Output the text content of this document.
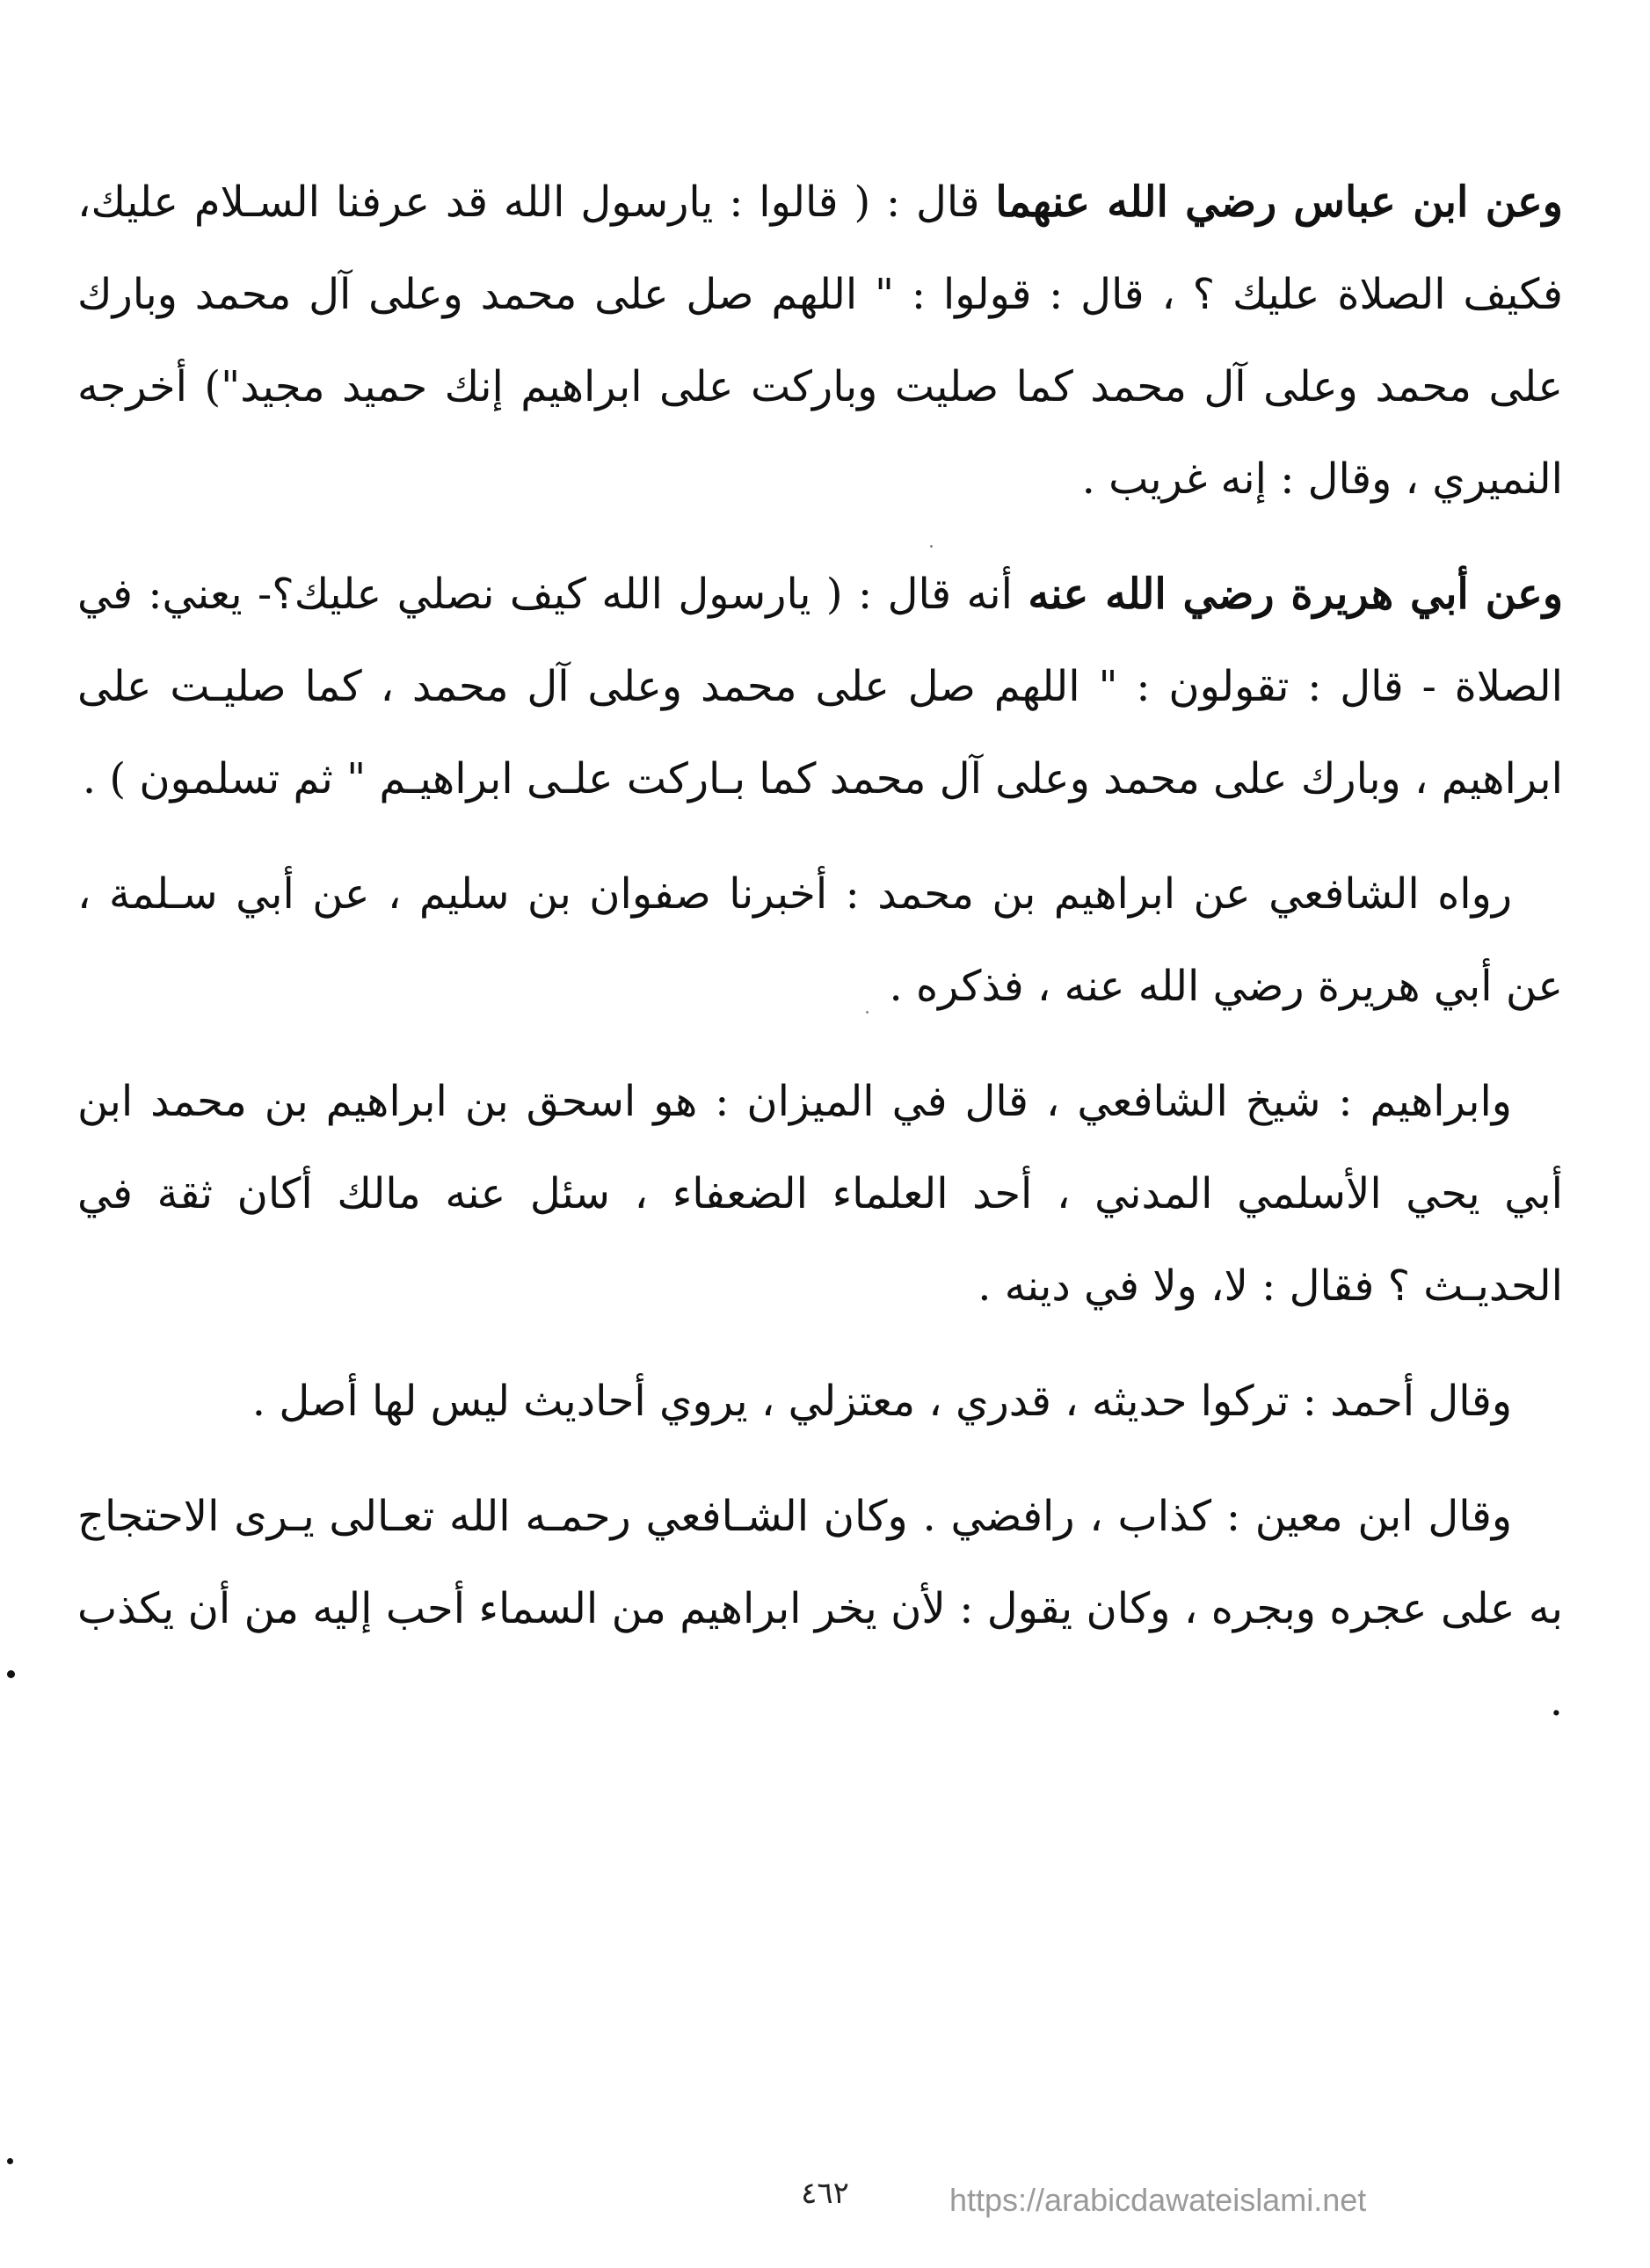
وعن ابن عباس رضي الله عنهما قال : ( قالوا : يارسول الله قد عرفنا السـلام عليك، فكيف الصلاة عليك ؟ ، قال : قولوا : " اللهم صل على محمد وعلى آل محمد وبارك على محمد وعلى آل محمد كما صليت وباركت على ابراهيم إنك حميد مجيد") أخرجه النميري ، وقال : إنه غريب .

وعن أبي هريرة رضي الله عنه أنه قال : ( يارسول الله كيف نصلي عليك؟- يعني: في الصلاة - قال : تقولون : " اللهم صل على محمد وعلى آل محمد ، كما صليـت على ابراهيم ، وبارك على محمد وعلى آل محمد كما بـاركت علـى ابراهيـم " ثم تسلمون ) .

رواه الشافعي عن ابراهيم بن محمد : أخبرنا صفوان بن سليم ، عن أبي سـلمة ، عن أبي هريرة رضي الله عنه ، فذكره .

وابراهيم : شيخ الشافعي ، قال في الميزان : هو اسحق بن ابراهيم بن محمد ابن أبي يحي الأسلمي المدني ، أحد العلماء الضعفاء ، سئل عنه مالك أكان ثقة في الحديـث ؟ فقال : لا، ولا في دينه .

وقال أحمد : تركوا حديثه ، قدري ، معتزلي ، يروي أحاديث ليس لها أصل .

وقال ابن معين : كذاب ، رافضي . وكان الشـافعي رحمـه الله تعـالى يـرى الاحتجاج به على عجره وبجره ، وكان يقول : لأن يخر ابراهيم من السماء أحب إليه من أن يكذب .

٤٦٢	https://arabicdawateislami.net
